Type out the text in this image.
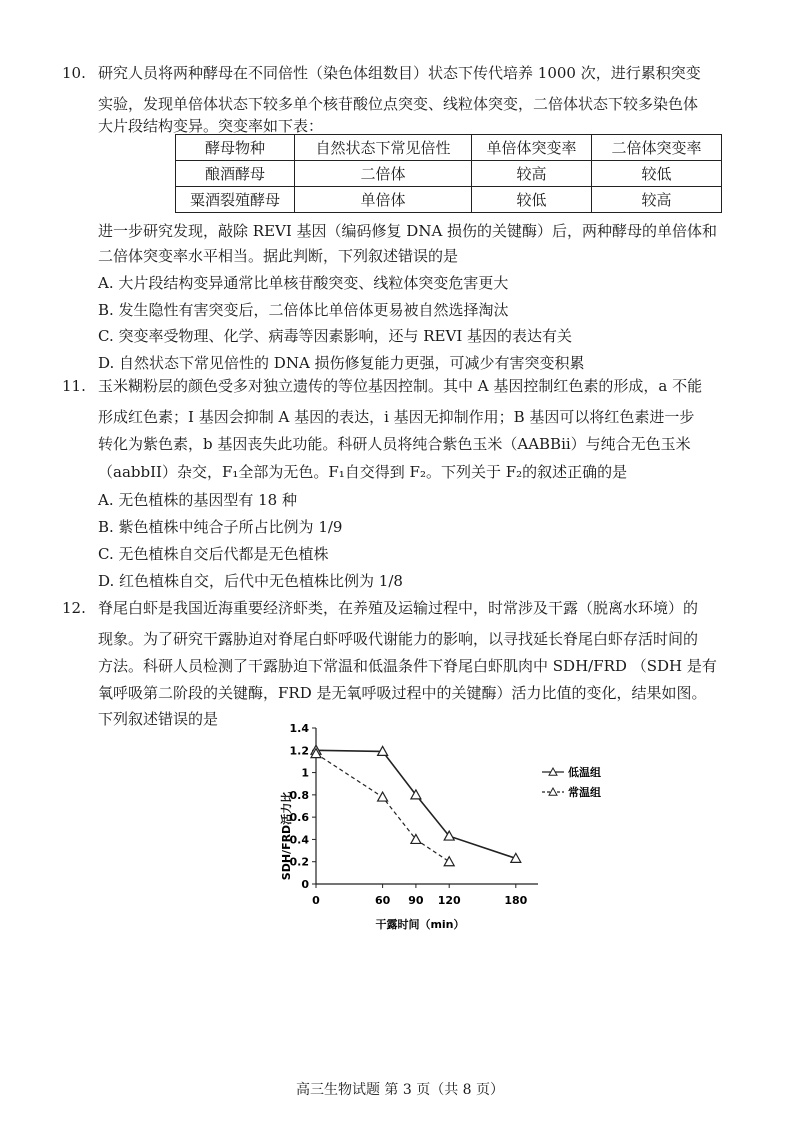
10. 研究人员将两种酵母在不同倍性（染色体组数目）状态下传代培养 1000 次，进行累积突变
实验，发现单倍体状态下较多单个核苷酸位点突变、线粒体突变，二倍体状态下较多染色体
大片段结构变异。突变率如下表：
酵母物种	自然状态下常见倍性	单倍体突变率	二倍体突变率
酿酒酵母	二倍体	较高	较低
粟酒裂殖酵母	单倍体	较低	较高
进一步研究发现，敲除 REVI 基因（编码修复 DNA 损伤的关键酶）后，两种酵母的单倍体和
二倍体突变率水平相当。据此判断，下列叙述错误的是
A. 大片段结构变异通常比单核苷酸突变、线粒体突变危害更大
B. 发生隐性有害突变后，二倍体比单倍体更易被自然选择淘汰
C. 突变率受物理、化学、病毒等因素影响，还与 REVI 基因的表达有关
D. 自然状态下常见倍性的 DNA 损伤修复能力更强，可减少有害突变积累
11. 玉米糊粉层的颜色受多对独立遗传的等位基因控制。其中 A 基因控制红色素的形成，a 不能
形成红色素；I 基因会抑制 A 基因的表达，i 基因无抑制作用；B 基因可以将红色素进一步
转化为紫色素，b 基因丧失此功能。科研人员将纯合紫色玉米（AABBii）与纯合无色玉米
（aabbII）杂交，F₁全部为无色。F₁自交得到 F₂。下列关于 F₂的叙述正确的是
A. 无色植株的基因型有 18 种
B. 紫色植株中纯合子所占比例为 1/9
C. 无色植株自交后代都是无色植株
D. 红色植株自交，后代中无色植株比例为 1/8
12. 脊尾白虾是我国近海重要经济虾类，在养殖及运输过程中，时常涉及干露（脱离水环境）的
现象。为了研究干露胁迫对脊尾白虾呼吸代谢能力的影响，以寻找延长脊尾白虾存活时间的
方法。科研人员检测了干露胁迫下常温和低温条件下脊尾白虾肌肉中 SDH/FRD （SDH 是有
氧呼吸第二阶段的关键酶，FRD 是无氧呼吸过程中的关键酶）活力比值的变化，结果如图。
下列叙述错误的是
SDH/FRD活力比
干露时间（min）
0
0.2
0.4
0.6
0.8
1
1.2
1.4
0	60 90 120	180
低温组
常温组
高三生物试题 第 3 页（共 8 页）
